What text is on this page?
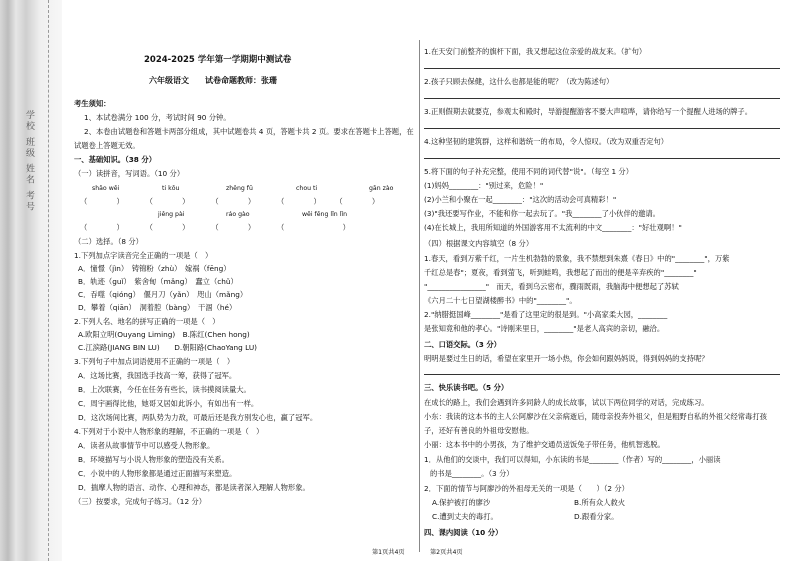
学校 班级 姓名 考号
2024-2025 学年第一学期期中测试卷
六年级语文　　试卷命题教师：张珊
考生须知：
1、本试卷满分 100 分，考试时间 90 分钟。
2、本卷由试题卷和答题卡两部分组成，其中试题卷共 4 页，答题卡共 2 页。要求在答题卡上答题，在
试题卷上答题无效。
一、基础知识。（38 分）
（一）读拼音，写词语。（10 分）
shāo wēi	ti kōu	zhěng fū	chou ti	gān zào
（　　　　）　　　　（　　　　）　　　　（　　　　）　　　　（　　　　）　　　（　　　　）
jiěng pài	ráo gào	wēi fēng lǐn lǐn
（　　　　）　　　　（　　　　）　　　　（　　　　）　　　　（　　　　　　　　）
（二）选择。（8 分）
1.下列加点字读音完全正确的一项是（　）
A．憧憬（jìn）　铸锦粉（zhù）　嫁祸（fēng）
B．轨迹（guǐ）　紫舍甸（mǎng）　蠢立（chǔ）
C．吞噬（qióng）　偃月刀（yǎn）　咫山（mǎng）
D．攀着（qiān）　洞着腔（bàng）　干涸（hé）
2.下列人名、地名的拼写正确的一项是（　）
A.欧阳立明(Ouyang Liming)　B.陈红(Chen hong)
C.江滨路(JIANG BIN LU)　　D.朝阳路(ChaoYang LU)
3.下列句子中加点词语使用不正确的一项是（　）
A．这场比赛，我国选手技高一筹，获得了冠军。
B．上次联赛，今任在任务有些长，读书摸阅读量大。
C．周宇画得比他，她哥又居如此诉小，有如出有一样。
D．这次场间比赛，两队势为力敌，可最后还是我方别发心也，赢了冠军。
4.下列对于小说中人物形象的理解，不正确的一项是（　）
A．读者从故事情节中可以感受人物形象。
B．环境描写与小说人物形象的塑造没有关系。
C．小说中的人物形象都是通过正面描写来塑造。
D．揣摩人物的语言、动作、心理和神态，都是读者深入理解人物形象。
（三）按要求，完成句子练习。（12 分）
1.在天安门前整齐的旗杆下面，我又想起这位亲爱的战友来。（扩句）
2.孩子只顾去保健，这什么也都是能的呢？（改为陈述句）
3.正则假期去就要克，参观太和殿时，导游提醒游客不要大声喧哗，请你给写一个提醒人进场的牌子。
4.这种坚韧的建筑群，这样和谐统一的布局，令人惊叹。（改为双重否定句）
5.将下面的句子补充完整，使用不同的词代替"说"。（每空 1 分）
(1)妈妈________："别过来，危险！"
(2)小兰和小聚在一起________："这次的活动会可真精彩！"
(3)"我还要写作业，不能和你一起去玩了。"我________了小伙伴的邀请。
(4)在长城上，我用所知道的外国游客用不太流利的中文________："好壮观啊！"
（四）根据课文内容填空（8 分）
1.春天，看到万紫千红，一片生机勃勃的景象，我不禁想到朱熹《春日》中的"________"，万紫
千红总是春"；夏夜，看到萤飞，听到蛙鸣，我想起了而出的便是辛弃疾的"________"
"________________"　而天，看到乌云密布，骤雨既雨，我脑海中便想起了苏轼
《六月二十七日望湖楼醉书》中的"________"。
2."纳腊挺国峰________"是看了这里定的很是到。"小高家柔大园，________
是张知竟和他的孝心。"诗刚来里日，________"是老人高宾的亲切，融洽。
二、口语交际。（3 分）
明明是要过生日的话，希望在家里开一场小热，你会如何跟妈妈说，得到妈妈的支持呢？
三、快乐读书吧。（5 分）
在成长的路上，我们会遇到许多同龄人的成长故事，试以下两位同学的对话，完成练习。
小东：我读的这本书的主人公阿廖沙在父亲病逝后，随母亲投奔外祖父，但是粗野自私的外祖父经常毒打孩
子，还好有善良的外祖母安慰他。
小丽：这本书中的小男孩，为了维护交通员送饭兔子带任务，他机智逃脱。
1．从他们的交谈中，我们可以得知，小东读的书是________（作者）写的________，小丽读
的书是________。（3 分）
2．下面的情节与阿廖沙的外祖母无关的一项是（　　）（2 分）
A.保护被打的廖沙	B.所有众人救火
C.遭到丈夫的毒打。	D.跟看分家。
四、课内阅读（10 分）
第1页共4页	第2页共4页
